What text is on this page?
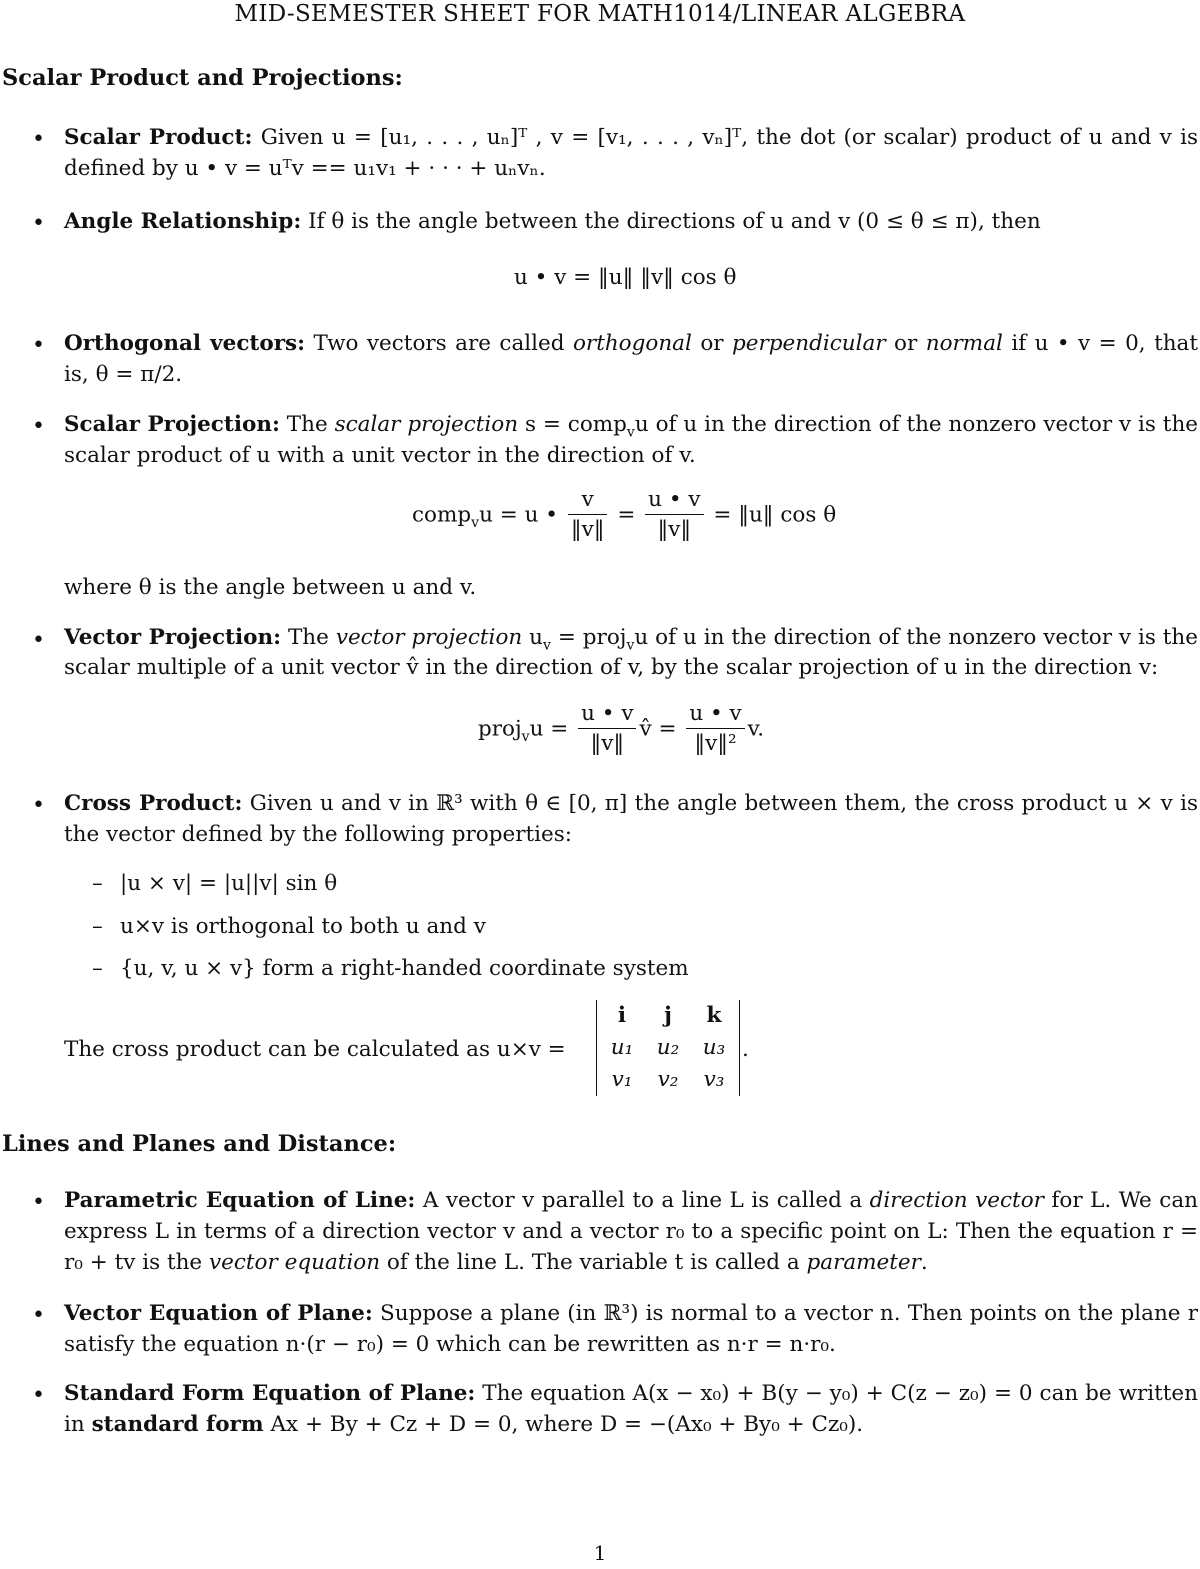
MID-SEMESTER SHEET FOR MATH1014/LINEAR ALGEBRA
Scalar Product and Projections:
• Scalar Product: Given u = [u₁, . . . , uₙ]ᵀ , v = [v₁, . . . , vₙ]ᵀ, the dot (or scalar) product of u and v is defined by u • v = uᵀv == u₁v₁ + · · · + uₙvₙ.
• Angle Relationship: If θ is the angle between the directions of u and v (0 ≤ θ ≤ π), then
u • v = ‖u‖ ‖v‖ cos θ
• Orthogonal vectors: Two vectors are called orthogonal or perpendicular or normal if u • v = 0, that is, θ = π/2.
• Scalar Projection: The scalar projection s = comp$_v$u of u in the direction of the nonzero vector v is the scalar product of u with a unit vector in the direction of v.
comp$_v$u = u • $\frac{v}{‖v‖} = \frac{u • v}{‖v‖}$ = ‖u‖ cos θ
where θ is the angle between u and v.
• Vector Projection: The vector projection $u_v$ = proj$_v$u of u in the direction of the nonzero vector v is the scalar multiple of a unit vector v̂ in the direction of v, by the scalar projection of u in the direction v:
proj$_v$u = $\frac{u • v}{‖v‖}$ v̂ = $\frac{u • v}{\text{‖v‖²}} v$.
• Cross Product: Given u and v in ℝ³ with θ ∈ [0, π] the angle between them, the cross product u × v is the vector defined by the following properties:
– |u × v| = |u||v| sin θ
– u×v is orthogonal to both u and v
– {u, v, u × v} form a right-handed coordinate system
The cross product can be calculated as u×v =
i	j	k
u₁	u₂	u₃
v₁	v₂	v₃
.
Lines and Planes and Distance:
• Parametric Equation of Line: A vector v parallel to a line L is called a direction vector for L. We can express L in terms of a direction vector v and a vector r₀ to a specific point on L: Then the equation r = r₀ + tv is the vector equation of the line L. The variable t is called a parameter.
• Vector Equation of Plane: Suppose a plane (in ℝ³) is normal to a vector n. Then points on the plane r satisfy the equation n·(r − r₀) = 0 which can be rewritten as n·r = n·r₀.
• Standard Form Equation of Plane: The equation A(x − x₀) + B(y − y₀) + C(z − z₀) = 0 can be written in standard form Ax + By + Cz + D = 0, where D = −(Ax₀ + By₀ + Cz₀).
1
